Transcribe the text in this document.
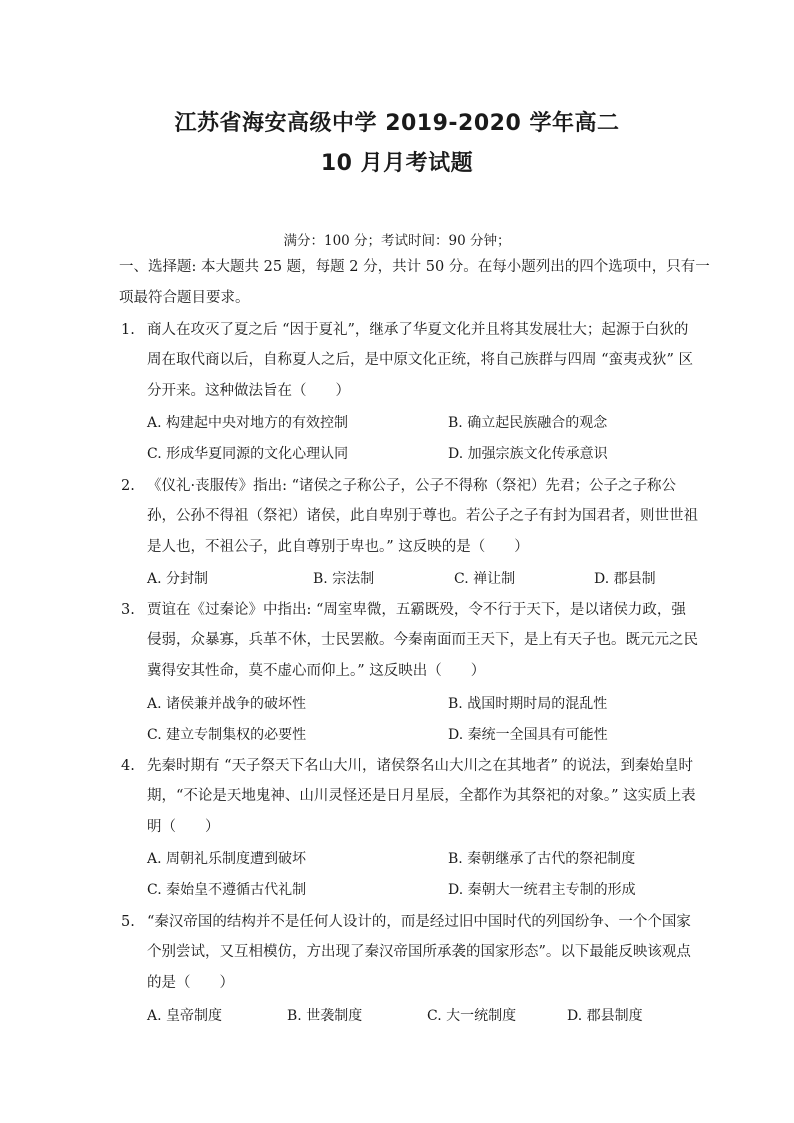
江苏省海安高级中学 2019-2020 学年高二
10 月月考试题
满分：100 分；考试时间：90 分钟；
一、选择题: 本大题共 25 题，每题 2 分，共计 50 分。在每小题列出的四个选项中，只有一
项最符合题目要求。
1. 商人在攻灭了夏之后 “因于夏礼”，继承了华夏文化并且将其发展壮大；起源于白狄的
周在取代商以后，自称夏人之后，是中原文化正统，将自己族群与四周 “蛮夷戎狄” 区
分开来。这种做法旨在（　　）
A. 构建起中央对地方的有效控制	B. 确立起民族融合的观念
C. 形成华夏同源的文化心理认同	D. 加强宗族文化传承意识
2. 《仪礼·丧服传》指出: “诸侯之子称公子，公子不得称（祭祀）先君；公子之子称公
孙，公孙不得祖（祭祀）诸侯，此自卑别于尊也。若公子之子有封为国君者，则世世祖
是人也，不祖公子，此自尊别于卑也。” 这反映的是（　　）
A. 分封制	B. 宗法制	C. 禅让制	D. 郡县制
3. 贾谊在《过秦论》中指出: “周室卑微，五霸既殁，令不行于天下，是以诸侯力政，强
侵弱，众暴寡，兵革不休，士民罢敝。今秦南面而王天下，是上有天子也。既元元之民
冀得安其性命，莫不虚心而仰上。” 这反映出（　　）
A. 诸侯兼并战争的破坏性	B. 战国时期时局的混乱性
C. 建立专制集权的必要性	D. 秦统一全国具有可能性
4. 先秦时期有 “天子祭天下名山大川，诸侯祭名山大川之在其地者” 的说法，到秦始皇时
期，“不论是天地鬼神、山川灵怪还是日月星辰，全都作为其祭祀的对象。” 这实质上表
明（　　）
A. 周朝礼乐制度遭到破坏	B. 秦朝继承了古代的祭祀制度
C. 秦始皇不遵循古代礼制	D. 秦朝大一统君主专制的形成
5. “秦汉帝国的结构并不是任何人设计的，而是经过旧中国时代的列国纷争、一个个国家
个别尝试，又互相模仿，方出现了秦汉帝国所承袭的国家形态”。以下最能反映该观点
的是（　　）
A. 皇帝制度	B. 世袭制度	C. 大一统制度	D. 郡县制度
